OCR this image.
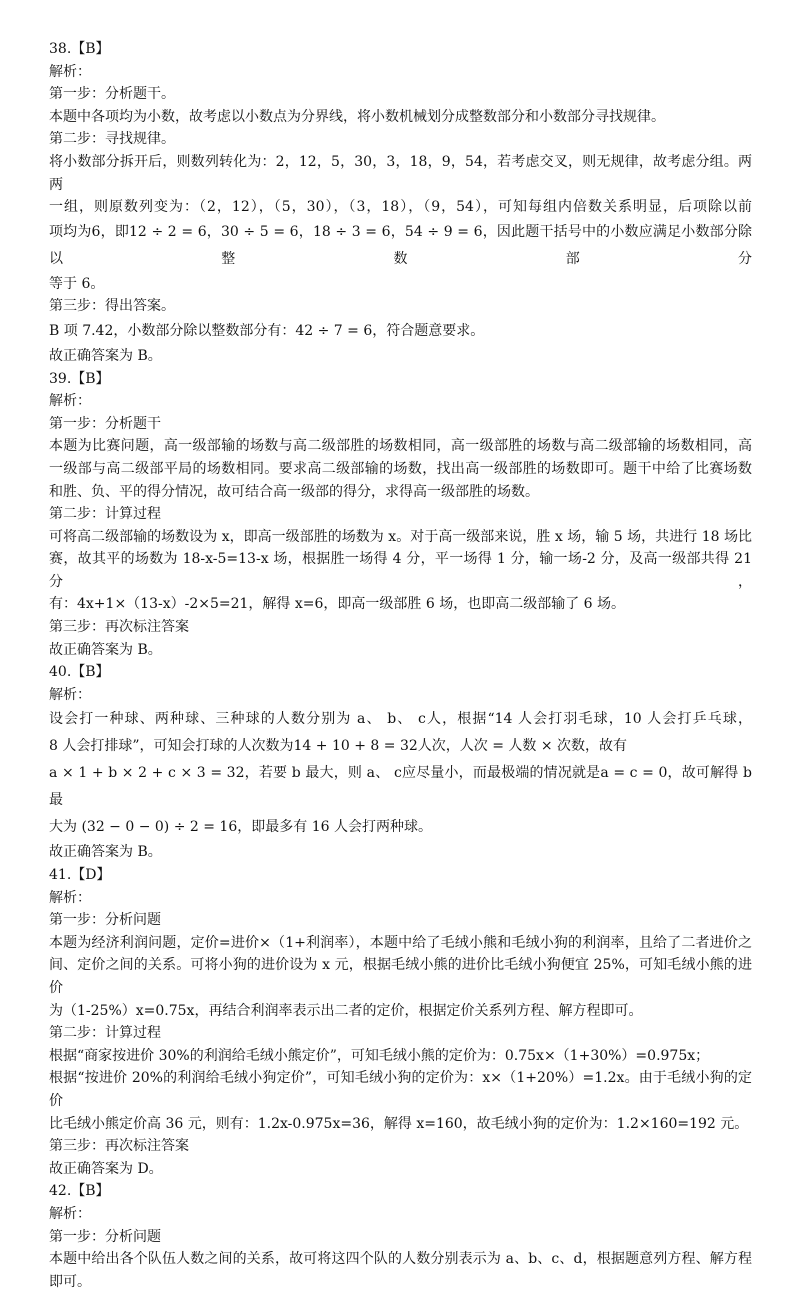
38.【B】
解析：
第一步：分析题干。
本题中各项均为小数，故考虑以小数点为分界线，将小数机械划分成整数部分和小数部分寻找规律。
第二步：寻找规律。
将小数部分拆开后，则数列转化为：2，12，5，30，3，18，9，54，若考虑交叉，则无规律，故考虑分组。两两
一组，则原数列变为：（2，12），（5，30），（3，18），（9，54），可知每组内倍数关系明显，后项除以前
项均为6，即12 ÷ 2 = 6，30 ÷ 5 = 6，18 ÷ 3 = 6，54 ÷ 9 = 6，因此题干括号中的小数应满足小数部分除以整数部分
等于 6。
第三步：得出答案。
B 项 7.42，小数部分除以整数部分有：42 ÷ 7 = 6，符合题意要求。
故正确答案为 B。
39.【B】
解析：
第一步：分析题干
本题为比赛问题，高一级部输的场数与高二级部胜的场数相同，高一级部胜的场数与高二级部输的场数相同，高
一级部与高二级部平局的场数相同。要求高二级部输的场数，找出高一级部胜的场数即可。题干中给了比赛场数
和胜、负、平的得分情况，故可结合高一级部的得分，求得高一级部胜的场数。
第二步：计算过程
可将高二级部输的场数设为 x，即高一级部胜的场数为 x。对于高一级部来说，胜 x 场，输 5 场，共进行 18 场比
赛，故其平的场数为 18-x-5=13-x 场，根据胜一场得 4 分，平一场得 1 分，输一场-2 分，及高一级部共得 21 分，
有：4x+1×（13-x）-2×5=21，解得 x=6，即高一级部胜 6 场，也即高二级部输了 6 场。
第三步：再次标注答案
故正确答案为 B。
40.【B】
解析：
设会打一种球、两种球、三种球的人数分别为 a、 b、 c人，根据“14 人会打羽毛球，10 人会打乒乓球，
8 人会打排球”，可知会打球的人次数为14 + 10 + 8 = 32人次，人次 = 人数 × 次数，故有
a × 1 + b × 2 + c × 3 = 32，若要 b 最大，则 a、 c应尽量小，而最极端的情况就是a = c = 0，故可解得 b最
大为 (32 − 0 − 0) ÷ 2 = 16，即最多有 16 人会打两种球。
故正确答案为 B。
41.【D】
解析：
第一步：分析问题
本题为经济利润问题，定价=进价×（1+利润率），本题中给了毛绒小熊和毛绒小狗的利润率，且给了二者进价之
间、定价之间的关系。可将小狗的进价设为 x 元，根据毛绒小熊的进价比毛绒小狗便宜 25%，可知毛绒小熊的进价
为（1-25%）x=0.75x，再结合利润率表示出二者的定价，根据定价关系列方程、解方程即可。
第二步：计算过程
根据“商家按进价 30%的利润给毛绒小熊定价”，可知毛绒小熊的定价为：0.75x×（1+30%）=0.975x；
根据“按进价 20%的利润给毛绒小狗定价”，可知毛绒小狗的定价为：x×（1+20%）=1.2x。由于毛绒小狗的定价
比毛绒小熊定价高 36 元，则有：1.2x-0.975x=36，解得 x=160，故毛绒小狗的定价为：1.2×160=192 元。
第三步：再次标注答案
故正确答案为 D。
42.【B】
解析：
第一步：分析问题
本题中给出各个队伍人数之间的关系，故可将这四个队的人数分别表示为 a、b、c、d，根据题意列方程、解方程
即可。
